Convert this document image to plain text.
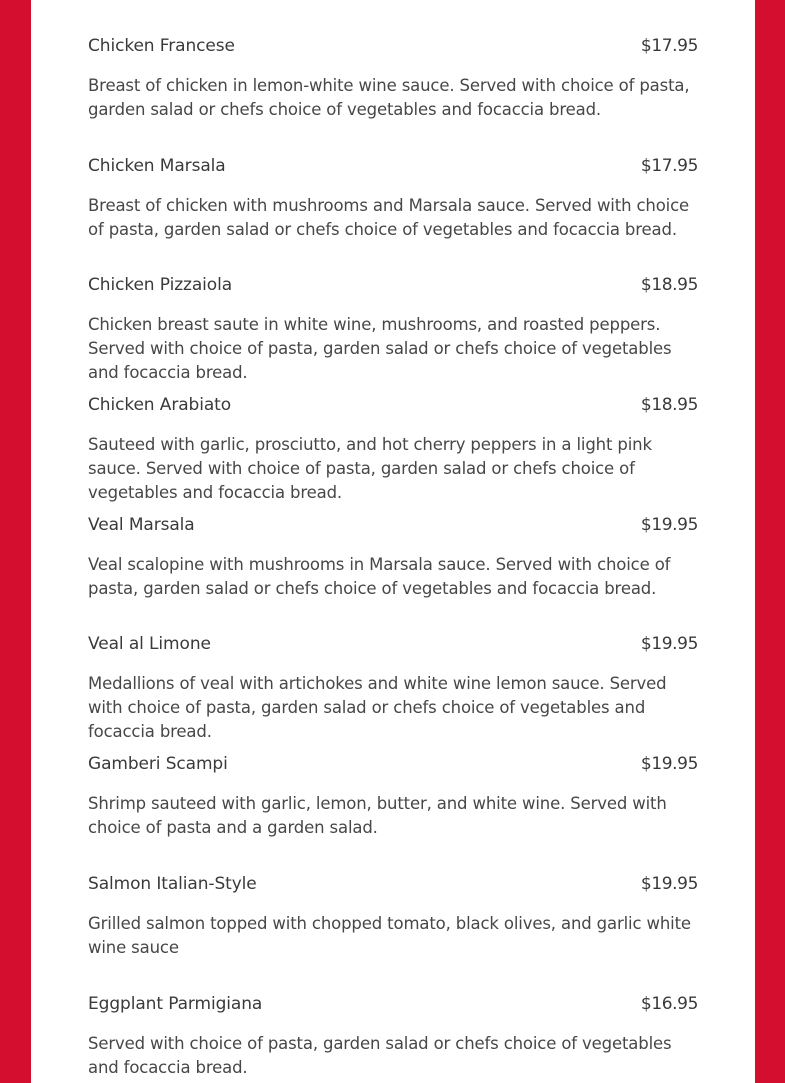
Chicken Francese	$17.95
Breast of chicken in lemon-white wine sauce. Served with choice of pasta, garden salad or chefs choice of vegetables and focaccia bread.
Chicken Marsala	$17.95
Breast of chicken with mushrooms and Marsala sauce. Served with choice of pasta, garden salad or chefs choice of vegetables and focaccia bread.
Chicken Pizzaiola	$18.95
Chicken breast saute in white wine, mushrooms, and roasted peppers. Served with choice of pasta, garden salad or chefs choice of vegetables and focaccia bread.
Chicken Arabiato	$18.95
Sauteed with garlic, prosciutto, and hot cherry peppers in a light pink sauce. Served with choice of pasta, garden salad or chefs choice of vegetables and focaccia bread.
Veal Marsala	$19.95
Veal scalopine with mushrooms in Marsala sauce. Served with choice of pasta, garden salad or chefs choice of vegetables and focaccia bread.
Veal al Limone	$19.95
Medallions of veal with artichokes and white wine lemon sauce. Served with choice of pasta, garden salad or chefs choice of vegetables and focaccia bread.
Gamberi Scampi	$19.95
Shrimp sauteed with garlic, lemon, butter, and white wine. Served with choice of pasta and a garden salad.
Salmon Italian-Style	$19.95
Grilled salmon topped with chopped tomato, black olives, and garlic white wine sauce
Eggplant Parmigiana	$16.95
Served with choice of pasta, garden salad or chefs choice of vegetables and focaccia bread.
